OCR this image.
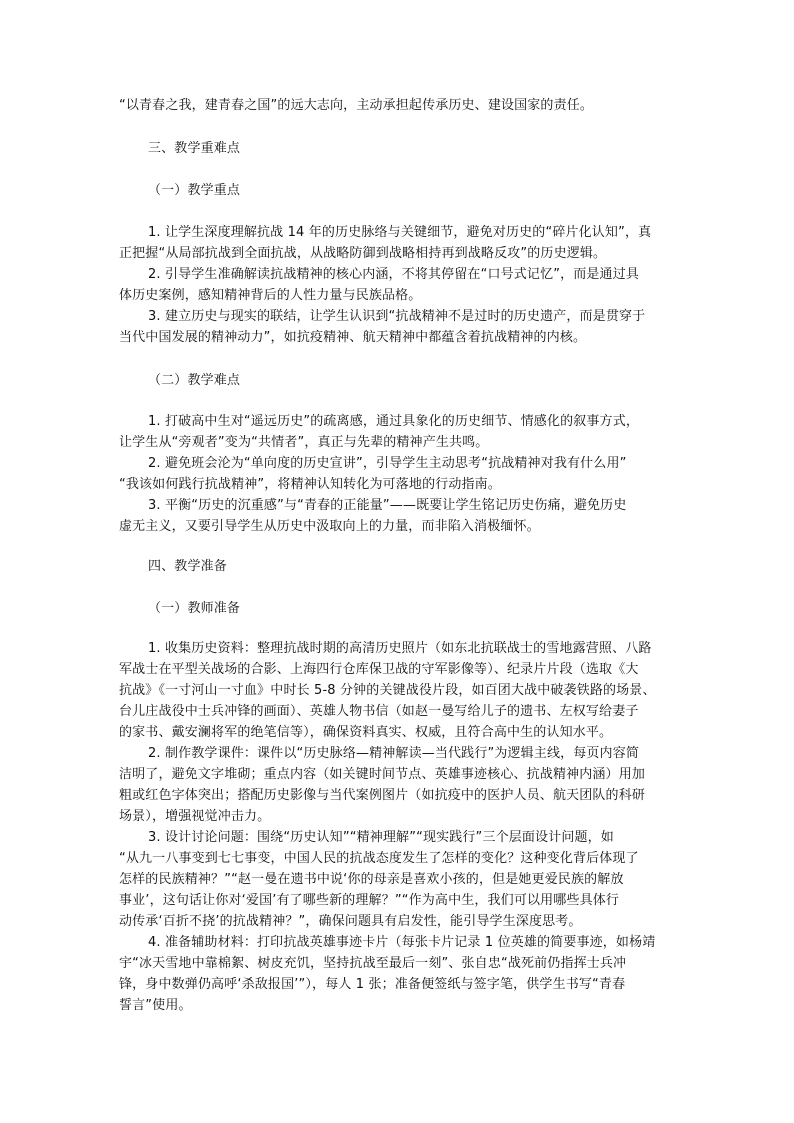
“以青春之我，建青春之国”的远大志向，主动承担起传承历史、建设国家的责任。
三、教学重难点
（一）教学重点
1. 让学生深度理解抗战 14 年的历史脉络与关键细节，避免对历史的“碎片化认知”，真
正把握“从局部抗战到全面抗战，从战略防御到战略相持再到战略反攻”的历史逻辑。
2. 引导学生准确解读抗战精神的核心内涵，不将其停留在“口号式记忆”，而是通过具
体历史案例，感知精神背后的人性力量与民族品格。
3. 建立历史与现实的联结，让学生认识到“抗战精神不是过时的历史遗产，而是贯穿于
当代中国发展的精神动力”，如抗疫精神、航天精神中都蕴含着抗战精神的内核。
（二）教学难点
1. 打破高中生对“遥远历史”的疏离感，通过具象化的历史细节、情感化的叙事方式，
让学生从“旁观者”变为“共情者”，真正与先辈的精神产生共鸣。
2. 避免班会沦为“单向度的历史宣讲”，引导学生主动思考“抗战精神对我有什么用”
“我该如何践行抗战精神”，将精神认知转化为可落地的行动指南。
3. 平衡“历史的沉重感”与“青春的正能量”——既要让学生铭记历史伤痛，避免历史
虚无主义，又要引导学生从历史中汲取向上的力量，而非陷入消极缅怀。
四、教学准备
（一）教师准备
1. 收集历史资料：整理抗战时期的高清历史照片（如东北抗联战士的雪地露营照、八路
军战士在平型关战场的合影、上海四行仓库保卫战的守军影像等）、纪录片片段（选取《大
抗战》《一寸河山一寸血》中时长 5-8 分钟的关键战役片段，如百团大战中破袭铁路的场景、
台儿庄战役中士兵冲锋的画面）、英雄人物书信（如赵一曼写给儿子的遗书、左权写给妻子
的家书、戴安澜将军的绝笔信等），确保资料真实、权威，且符合高中生的认知水平。
2. 制作教学课件：课件以“历史脉络—精神解读—当代践行”为逻辑主线，每页内容简
洁明了，避免文字堆砌；重点内容（如关键时间节点、英雄事迹核心、抗战精神内涵）用加
粗或红色字体突出；搭配历史影像与当代案例图片（如抗疫中的医护人员、航天团队的科研
场景），增强视觉冲击力。
3. 设计讨论问题：围绕“历史认知”“精神理解”“现实践行”三个层面设计问题，如
“从九一八事变到七七事变，中国人民的抗战态度发生了怎样的变化？这种变化背后体现了
怎样的民族精神？”“赵一曼在遗书中说‘你的母亲是喜欢小孩的，但是她更爱民族的解放
事业’，这句话让你对‘爱国’有了哪些新的理解？”“作为高中生，我们可以用哪些具体行
动传承‘百折不挠’的抗战精神？”，确保问题具有启发性，能引导学生深度思考。
4. 准备辅助材料：打印抗战英雄事迹卡片（每张卡片记录 1 位英雄的简要事迹，如杨靖
宇“冰天雪地中靠棉絮、树皮充饥，坚持抗战至最后一刻”、张自忠“战死前仍指挥士兵冲
锋，身中数弹仍高呼‘杀敌报国’”），每人 1 张；准备便签纸与签字笔，供学生书写“青春
誓言”使用。
